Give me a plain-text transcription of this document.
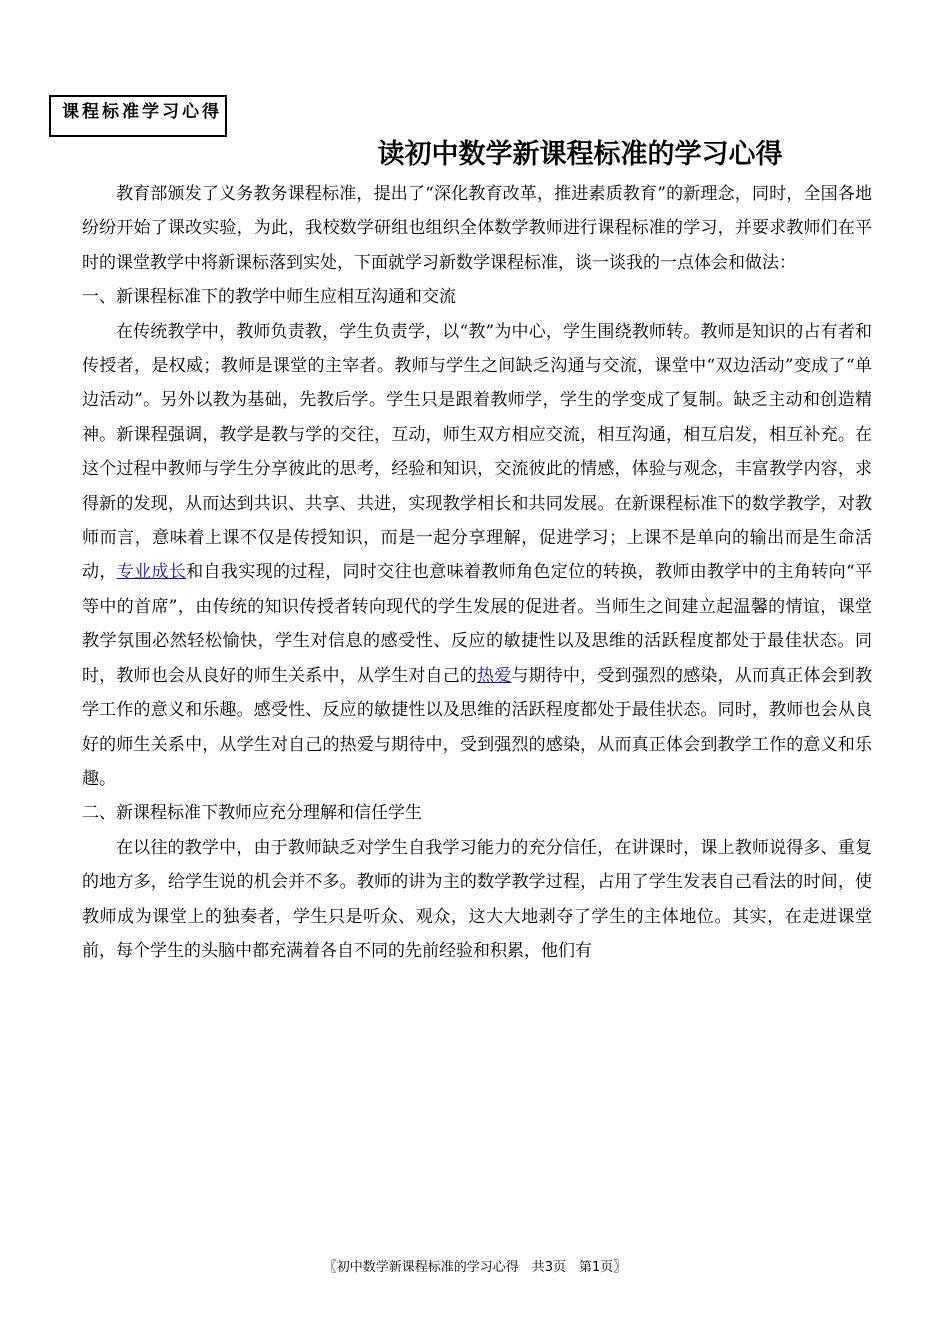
课程标准学习心得
读初中数学新课程标准的学习心得

教育部颁发了义务教务课程标准，提出了“深化教育改革，推进素质教育”的新理念，同时，全国各地纷纷开始了课改实验，为此，我校数学研组也组织全体数学教师进行课程标准的学习，并要求教师们在平时的课堂教学中将新课标落到实处，下面就学习新数学课程标准，谈一谈我的一点体会和做法：

一、新课程标准下的教学中师生应相互沟通和交流

在传统教学中，教师负责教，学生负责学，以“教”为中心，学生围绕教师转。教师是知识的占有者和传授者，是权威；教师是课堂的主宰者。教师与学生之间缺乏沟通与交流，课堂中“双边活动”变成了“单边活动”。另外以教为基础，先教后学。学生只是跟着教师学，学生的学变成了复制。缺乏主动和创造精神。新课程强调，教学是教与学的交往，互动，师生双方相应交流，相互沟通，相互启发，相互补充。在这个过程中教师与学生分享彼此的思考，经验和知识，交流彼此的情感，体验与观念，丰富教学内容，求得新的发现，从而达到共识、共享、共进，实现教学相长和共同发展。在新课程标准下的数学教学，对教师而言，意味着上课不仅是传授知识，而是一起分享理解，促进学习；上课不是单向的输出而是生命活动，专业成长和自我实现的过程，同时交往也意味着教师角色定位的转换，教师由教学中的主角转向“平等中的首席”，由传统的知识传授者转向现代的学生发展的促进者。当师生之间建立起温馨的情谊，课堂教学氛围必然轻松愉快，学生对信息的感受性、反应的敏捷性以及思维的活跃程度都处于最佳状态。同时，教师也会从良好的师生关系中，从学生对自己的热爱与期待中，受到强烈的感染，从而真正体会到教学工作的意义和乐趣。感受性、反应的敏捷性以及思维的活跃程度都处于最佳状态。同时，教师也会从良好的师生关系中，从学生对自己的热爱与期待中，受到强烈的感染，从而真正体会到教学工作的意义和乐趣。

二、新课程标准下教师应充分理解和信任学生

在以往的教学中，由于教师缺乏对学生自我学习能力的充分信任，在讲课时，课上教师说得多、重复的地方多，给学生说的机会并不多。教师的讲为主的数学教学过程，占用了学生发表自己看法的时间，使教师成为课堂上的独奏者，学生只是听众、观众，这大大地剥夺了学生的主体地位。其实，在走进课堂前，每个学生的头脑中都充满着各自不同的先前经验和积累，他们有

〖初中数学新课程标准的学习心得　共3页　第1页〗
